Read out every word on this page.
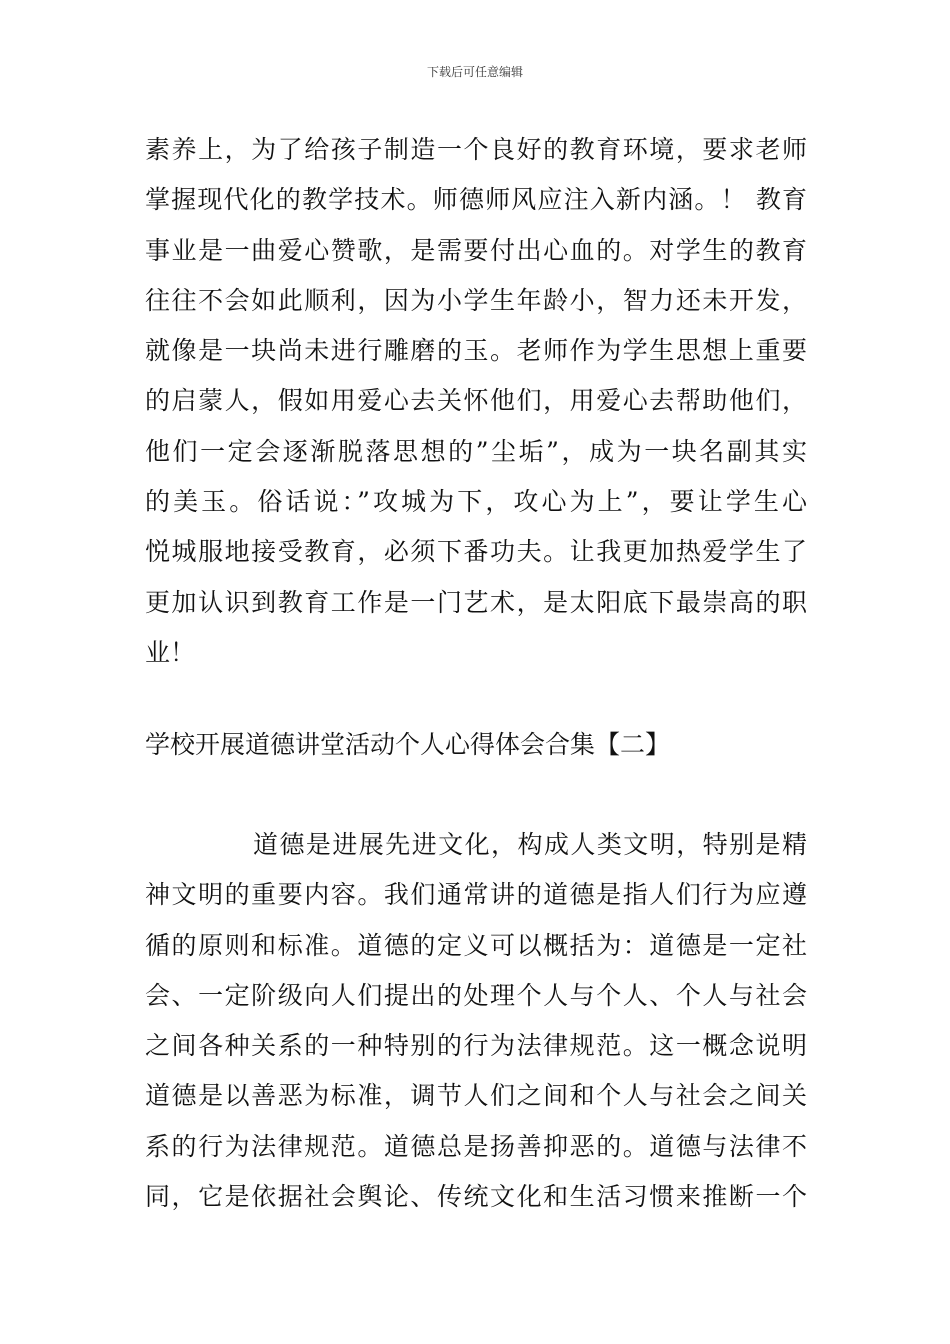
下载后可任意编辑
素养上，为了给孩子制造一个良好的教育环境，要求老师
掌握现代化的教学技术。师德师风应注入新内涵。！ 教育
事业是一曲爱心赞歌，是需要付出心血的。对学生的教育
往往不会如此顺利，因为小学生年龄小，智力还未开发，
就像是一块尚未进行雕磨的玉。老师作为学生思想上重要
的启蒙人，假如用爱心去关怀他们，用爱心去帮助他们，
他们一定会逐渐脱落思想的”尘垢”，成为一块名副其实
的美玉。俗话说：”攻城为下，攻心为上”，要让学生心
悦城服地接受教育，必须下番功夫。让我更加热爱学生了
更加认识到教育工作是一门艺术，是太阳底下最崇高的职
业！
学校开展道德讲堂活动个人心得体会合集【二】
道德是进展先进文化，构成人类文明，特别是精
神文明的重要内容。我们通常讲的道德是指人们行为应遵
循的原则和标准。道德的定义可以概括为：道德是一定社
会、一定阶级向人们提出的处理个人与个人、个人与社会
之间各种关系的一种特别的行为法律规范。这一概念说明
道德是以善恶为标准，调节人们之间和个人与社会之间关
系的行为法律规范。道德总是扬善抑恶的。道德与法律不
同，它是依据社会舆论、传统文化和生活习惯来推断一个
